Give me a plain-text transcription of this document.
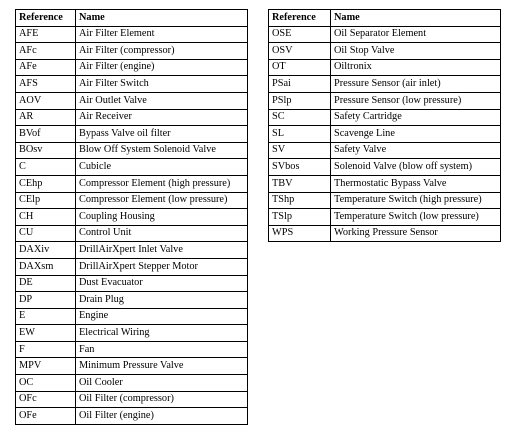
Reference	Name
AFE	Air Filter Element
AFc	Air Filter (compressor)
AFe	Air Filter (engine)
AFS	Air Filter Switch
AOV	Air Outlet Valve
AR	Air Receiver
BVof	Bypass Valve oil filter
BOsv	Blow Off System Solenoid Valve
C	Cubicle
CEhp	Compressor Element (high pressure)
CElp	Compressor Element (low pressure)
CH	Coupling Housing
CU	Control Unit
DAXiv	DrillAirXpert Inlet Valve
DAXsm	DrillAirXpert Stepper Motor
DE	Dust Evacuator
DP	Drain Plug
E	Engine
EW	Electrical Wiring
F	Fan
MPV	Minimum Pressure Valve
OC	Oil Cooler
OFc	Oil Filter (compressor)
OFe	Oil Filter (engine)
Reference	Name
OSE	Oil Separator Element
OSV	Oil Stop Valve
OT	Oiltronix
PSai	Pressure Sensor (air inlet)
PSlp	Pressure Sensor (low pressure)
SC	Safety Cartridge
SL	Scavenge Line
SV	Safety Valve
SVbos	Solenoid Valve (blow off system)
TBV	Thermostatic Bypass Valve
TShp	Temperature Switch (high pressure)
TSlp	Temperature Switch (low pressure)
WPS	Working Pressure Sensor
